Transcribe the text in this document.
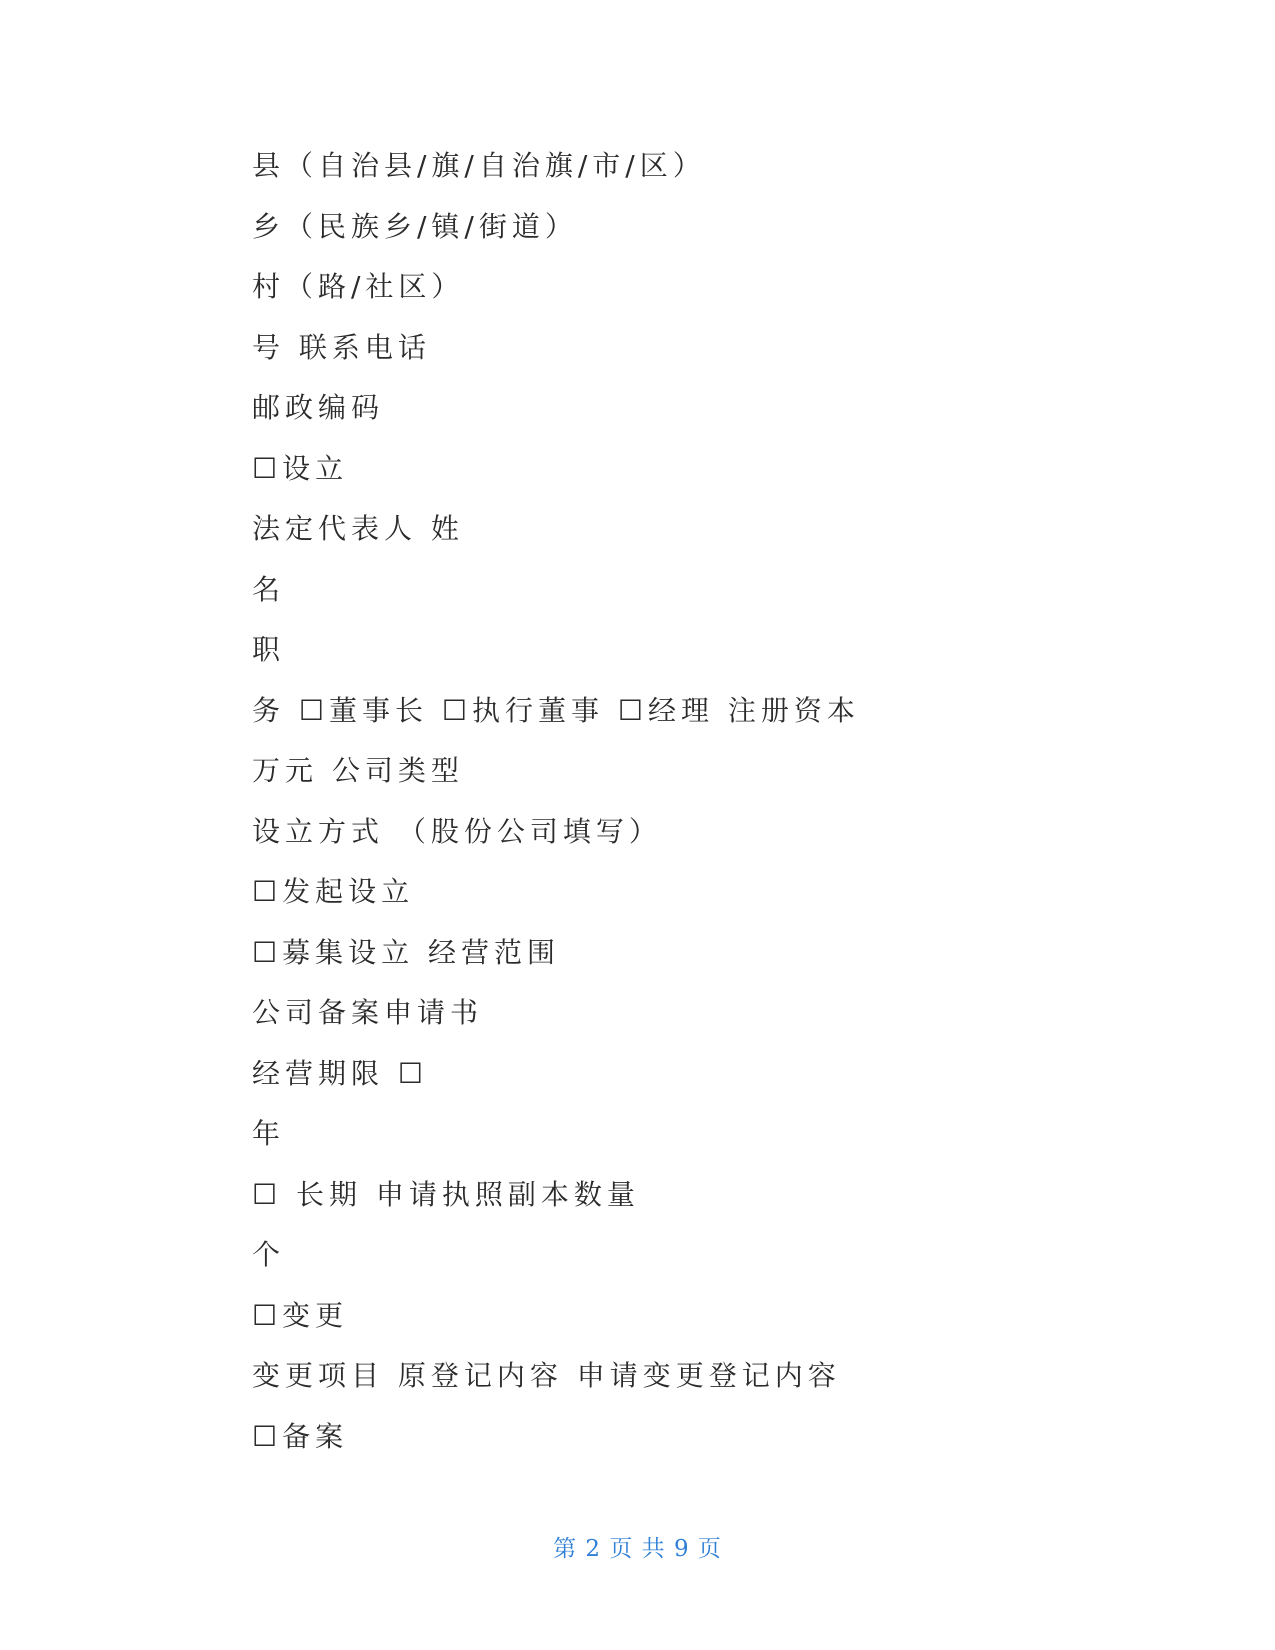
县（自治县/旗/自治旗/市/区）
乡（民族乡/镇/街道）
村（路/社区）
号 联系电话
邮政编码
☐设立
法定代表人 姓
名
职
务 ☐董事长 ☐执行董事 ☐经理 注册资本
万元 公司类型
设立方式 （股份公司填写）
☐发起设立
☐募集设立 经营范围
公司备案申请书
经营期限 ☐
年
☐ 长期 申请执照副本数量
个
☐变更
变更项目 原登记内容 申请变更登记内容
☐备案
第 2 页 共 9 页
